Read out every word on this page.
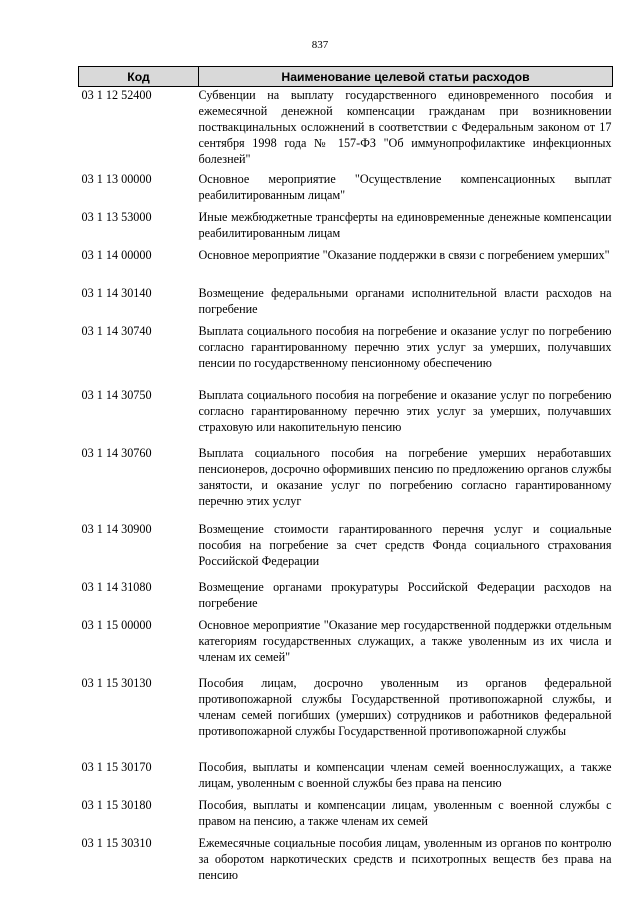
837
Код	Наименование целевой статьи расходов
03 1 12 52400	Субвенции на выплату государственного единовременного пособия и ежемесячной денежной компенсации гражданам при возникновении поствакцинальных осложнений в соответствии с Федеральным законом от 17 сентября 1998 года № 157-ФЗ "Об иммунопрофилактике инфекционных болезней"
03 1 13 00000	Основное мероприятие "Осуществление компенсационных выплат реабилитированным лицам"
03 1 13 53000	Иные межбюджетные трансферты на единовременные денежные компенсации реабилитированным лицам
03 1 14 00000	Основное мероприятие "Оказание поддержки в связи с погребением умерших"
03 1 14 30140	Возмещение федеральными органами исполнительной власти расходов на погребение
03 1 14 30740	Выплата социального пособия на погребение и оказание услуг по погребению согласно гарантированному перечню этих услуг за умерших, получавших пенсии по государственному пенсионному обеспечению
03 1 14 30750	Выплата социального пособия на погребение и оказание услуг по погребению согласно гарантированному перечню этих услуг за умерших, получавших страховую или накопительную пенсию
03 1 14 30760	Выплата социального пособия на погребение умерших неработавших пенсионеров, досрочно оформивших пенсию по предложению органов службы занятости, и оказание услуг по погребению согласно гарантированному перечню этих услуг
03 1 14 30900	Возмещение стоимости гарантированного перечня услуг и социальные пособия на погребение за счет средств Фонда социального страхования Российской Федерации
03 1 14 31080	Возмещение органами прокуратуры Российской Федерации расходов на погребение
03 1 15 00000	Основное мероприятие "Оказание мер государственной поддержки отдельным категориям государственных служащих, а также уволенным из их числа и членам их семей"
03 1 15 30130	Пособия лицам, досрочно уволенным из органов федеральной противопожарной службы Государственной противопожарной службы, и членам семей погибших (умерших) сотрудников и работников федеральной противопожарной службы Государственной противопожарной службы
03 1 15 30170	Пособия, выплаты и компенсации членам семей военнослужащих, а также лицам, уволенным с военной службы без права на пенсию
03 1 15 30180	Пособия, выплаты и компенсации лицам, уволенным с военной службы с правом на пенсию, а также членам их семей
03 1 15 30310	Ежемесячные социальные пособия лицам, уволенным из органов по контролю за оборотом наркотических средств и психотропных веществ без права на пенсию
